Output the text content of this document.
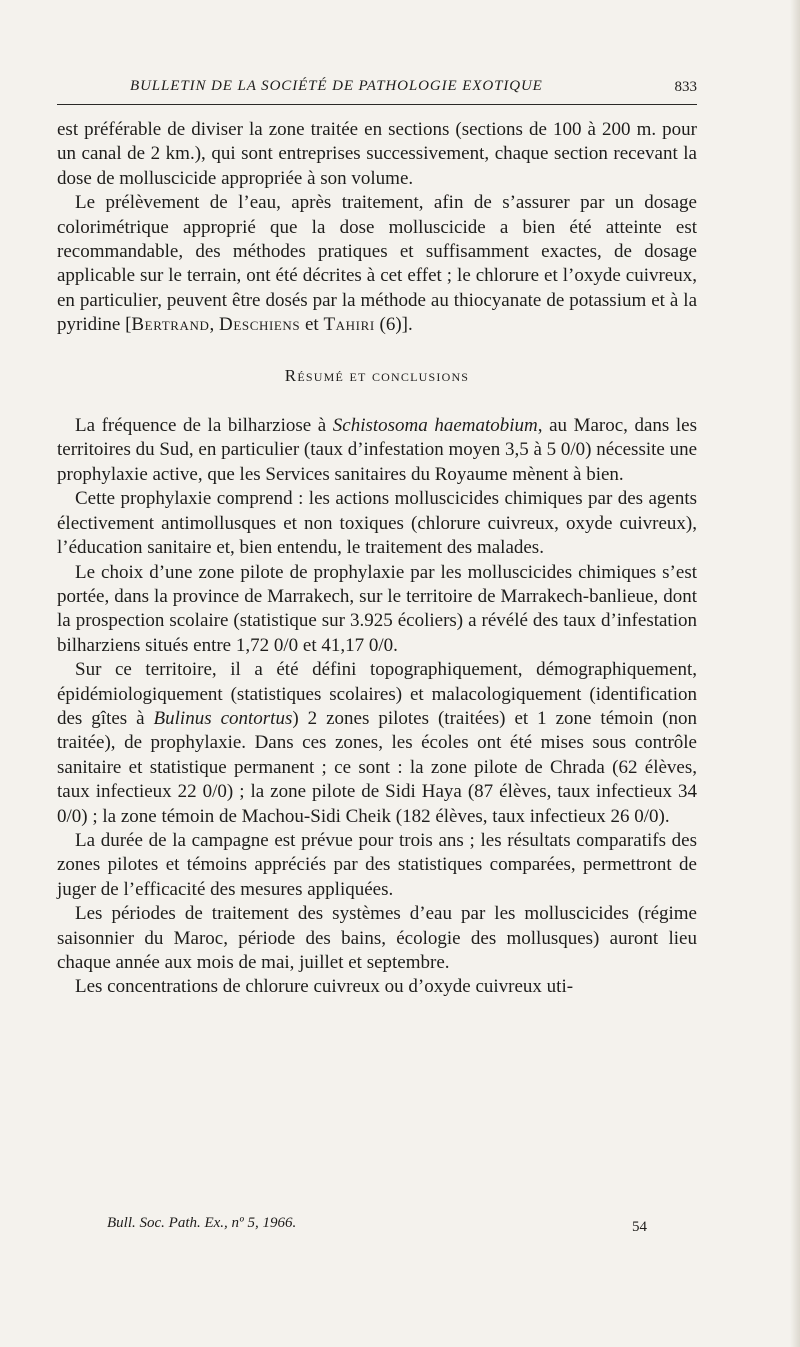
BULLETIN DE LA SOCIÉTÉ DE PATHOLOGIE EXOTIQUE	833

est préférable de diviser la zone traitée en sections (sections de 100 à 200 m. pour un canal de 2 km.), qui sont entreprises successivement, chaque section recevant la dose de molluscicide appropriée à son volume.

Le prélèvement de l’eau, après traitement, afin de s’assurer par un dosage colorimétrique approprié que la dose molluscicide a bien été atteinte est recommandable, des méthodes pratiques et suffisamment exactes, de dosage applicable sur le terrain, ont été décrites à cet effet ; le chlorure et l’oxyde cuivreux, en particulier, peuvent être dosés par la méthode au thiocyanate de potassium et à la pyridine [Bertrand, Deschiens et Tahiri (6)].

Résumé et conclusions

La fréquence de la bilharziose à Schistosoma haematobium, au Maroc, dans les territoires du Sud, en particulier (taux d’infestation moyen 3,5 à 5 0/0) nécessite une prophylaxie active, que les Services sanitaires du Royaume mènent à bien.

Cette prophylaxie comprend : les actions molluscicides chimiques par des agents électivement antimollusques et non toxiques (chlorure cuivreux, oxyde cuivreux), l’éducation sanitaire et, bien entendu, le traitement des malades.

Le choix d’une zone pilote de prophylaxie par les molluscicides chimiques s’est portée, dans la province de Marrakech, sur le territoire de Marrakech-banlieue, dont la prospection scolaire (statistique sur 3.925 écoliers) a révélé des taux d’infestation bilharziens situés entre 1,72 0/0 et 41,17 0/0.

Sur ce territoire, il a été défini topographiquement, démographiquement, épidémiologiquement (statistiques scolaires) et malacologiquement (identification des gîtes à Bulinus contortus) 2 zones pilotes (traitées) et 1 zone témoin (non traitée), de prophylaxie. Dans ces zones, les écoles ont été mises sous contrôle sanitaire et statistique permanent ; ce sont : la zone pilote de Chrada (62 élèves, taux infectieux 22 0/0) ; la zone pilote de Sidi Haya (87 élèves, taux infectieux 34 0/0) ; la zone témoin de Machou-Sidi Cheik (182 élèves, taux infectieux 26 0/0).

La durée de la campagne est prévue pour trois ans ; les résultats comparatifs des zones pilotes et témoins appréciés par des statistiques comparées, permettront de juger de l’efficacité des mesures appliquées.

Les périodes de traitement des systèmes d’eau par les molluscicides (régime saisonnier du Maroc, période des bains, écologie des mollusques) auront lieu chaque année aux mois de mai, juillet et septembre.

Les concentrations de chlorure cuivreux ou d’oxyde cuivreux uti-

Bull. Soc. Path. Ex., nº 5, 1966.	54
